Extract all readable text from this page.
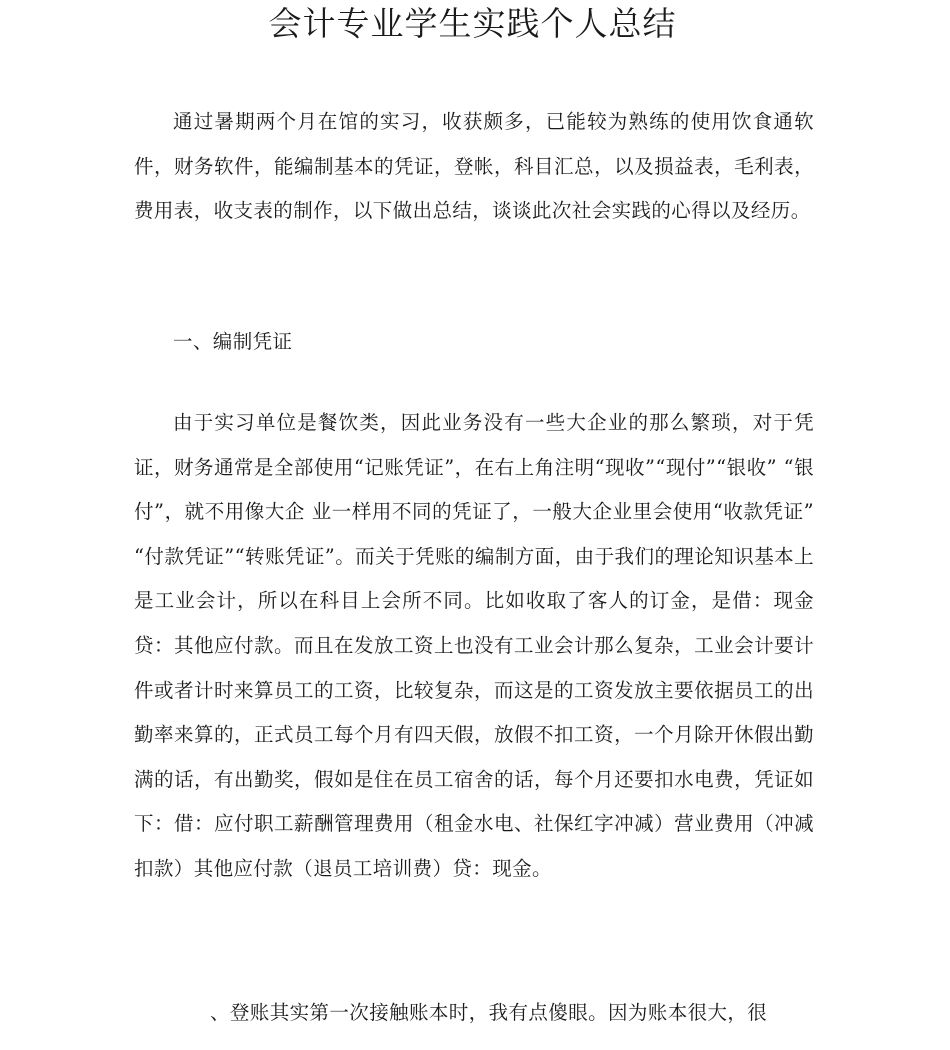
会计专业学生实践个人总结

通过暑期两个月在馆的实习，收获颇多，已能较为熟练的使用饮食通软件，财务软件，能编制基本的凭证，登帐，科目汇总，以及损益表，毛利表，费用表，收支表的制作，以下做出总结，谈谈此次社会实践的心得以及经历。

一、编制凭证

由于实习单位是餐饮类，因此业务没有一些大企业的那么繁琐，对于凭证，财务通常是全部使用“记账凭证”，在右上角注明“现收”“现付”“银收” “银付”，就不用像大企 业一样用不同的凭证了，一般大企业里会使用“收款凭证” “付款凭证”“转账凭证”。而关于凭账的编制方面，由于我们的理论知识基本上是工业会计，所以在科目上会所不同。比如收取了客人的订金，是借：现金贷：其他应付款。而且在发放工资上也没有工业会计那么复杂，工业会计要计件或者计时来算员工的工资，比较复杂，而这是的工资发放主要依据员工的出勤率来算的，正式员工每个月有四天假，放假不扣工资，一个月除开休假出勤满的话，有出勤奖，假如是住在员工宿舍的话，每个月还要扣水电费，凭证如下：借：应付职工薪酬管理费用（租金水电、社保红字冲减）营业费用（冲减扣款）其他应付款（退员工培训费）贷：现金。

、登账其实第一次接触账本时，我有点傻眼。因为账本很大，很
